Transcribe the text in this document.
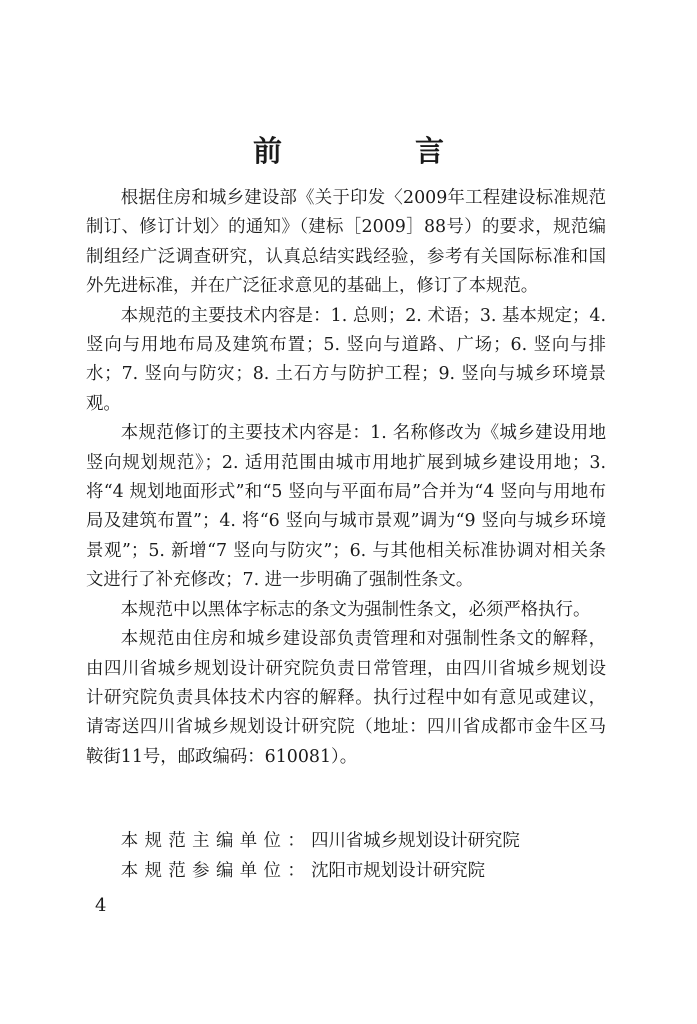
前　言

根据住房和城乡建设部《关于印发〈2009年工程建设标准规范制订、修订计划〉的通知》（建标［2009］88号）的要求，规范编制组经广泛调查研究，认真总结实践经验，参考有关国际标准和国外先进标准，并在广泛征求意见的基础上，修订了本规范。

本规范的主要技术内容是：1. 总则；2. 术语；3. 基本规定；4. 竖向与用地布局及建筑布置；5. 竖向与道路、广场；6. 竖向与排水；7. 竖向与防灾；8. 土石方与防护工程；9. 竖向与城乡环境景观。

本规范修订的主要技术内容是：1. 名称修改为《城乡建设用地竖向规划规范》；2. 适用范围由城市用地扩展到城乡建设用地；3. 将“4 规划地面形式”和“5 竖向与平面布局”合并为“4 竖向与用地布局及建筑布置”；4. 将“6 竖向与城市景观”调为“9 竖向与城乡环境景观”；5. 新增“7 竖向与防灾”；6. 与其他相关标准协调对相关条文进行了补充修改；7. 进一步明确了强制性条文。

本规范中以黑体字标志的条文为强制性条文，必须严格执行。

本规范由住房和城乡建设部负责管理和对强制性条文的解释，由四川省城乡规划设计研究院负责日常管理，由四川省城乡规划设计研究院负责具体技术内容的解释。执行过程中如有意见或建议，请寄送四川省城乡规划设计研究院（地址：四川省成都市金牛区马鞍街11号，邮政编码：610081）。

本规范主编单位：四川省城乡规划设计研究院
本规范参编单位：沈阳市规划设计研究院
4
